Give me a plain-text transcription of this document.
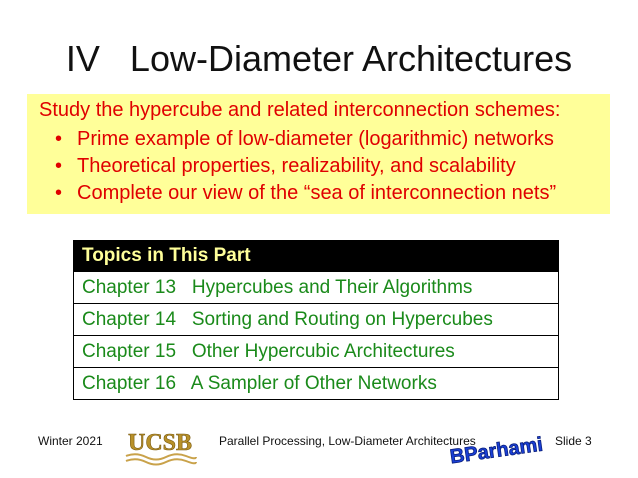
IV   Low-Diameter Architectures
Study the hypercube and related interconnection schemes:
• Prime example of low-diameter (logarithmic) networks
• Theoretical properties, realizability, and scalability
• Complete our view of the “sea of interconnection nets”
Topics in This Part
Chapter 13   Hypercubes and Their Algorithms
Chapter 14   Sorting and Routing on Hypercubes
Chapter 15   Other Hypercubic Architectures
Chapter 16   A Sampler of Other Networks
Winter 2021 UCSB Parallel Processing, Low-Diameter Architectures
BParhami Slide 3
